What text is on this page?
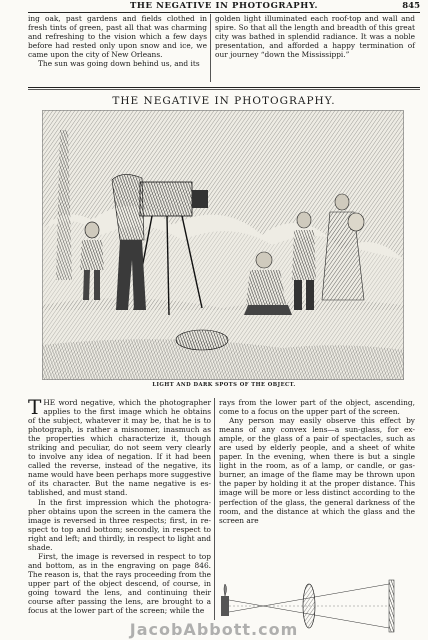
THE NEGATIVE IN PHOTOGRAPHY.	845

ing oak, past gardens and fields clothed in fresh tints of green, past all that was charming and refreshing to the vision which a few days before had rested only upon snow and ice, we came upon the city of New Orleans.

The sun was going down behind us, and its

golden light illuminated each roof-top and wall and spire. So that all the length and breadth of this great city was bathed in splendid radiance. It was a noble presentation, and afforded a happy termination of our journey “down the Mississippi.”

THE NEGATIVE IN PHOTOGRAPHY.
LIGHT AND DARK SPOTS OF THE OBJECT.

THE word negative, which the photographer applies to the first image which he obtains of the subject, whatever it may be, that he is to photograph, is rather a misnomer, inasmuch as the properties which characterize it, though striking and peculiar, do not seem very clearly to involve any idea of negation. If it had been called the reverse, instead of the negative, its name would have been perhaps more suggestive of its character. But the name negative is established, and must stand.

In the first impression which the photographer obtains upon the screen in the camera the image is reversed in three respects; first, in respect to top and bottom; secondly, in respect to right and left; and thirdly, in respect to light and shade.

First, the image is reversed in respect to top and bottom, as in the engraving on page 846. The reason is, that the rays proceeding from the upper part of the object descend, of course, in going toward the lens, and continuing their course after passing the lens, are brought to a focus at the lower part of the screen; while the

rays from the lower part of the object, ascending, come to a focus on the upper part of the screen.

Any person may easily observe this effect by means of any convex lens—a sun-glass, for example, or the glass of a pair of spectacles, such as are used by elderly people, and a sheet of white paper. In the evening, when there is but a single light in the room, as of a lamp, or candle, or gas-burner, an image of the flame may be thrown upon the paper by holding it at the proper distance. This image will be more or less distinct according to the perfection of the glass, the general darkness of the room, and the distance at which the glass and the screen are

JacobAbbott.com
